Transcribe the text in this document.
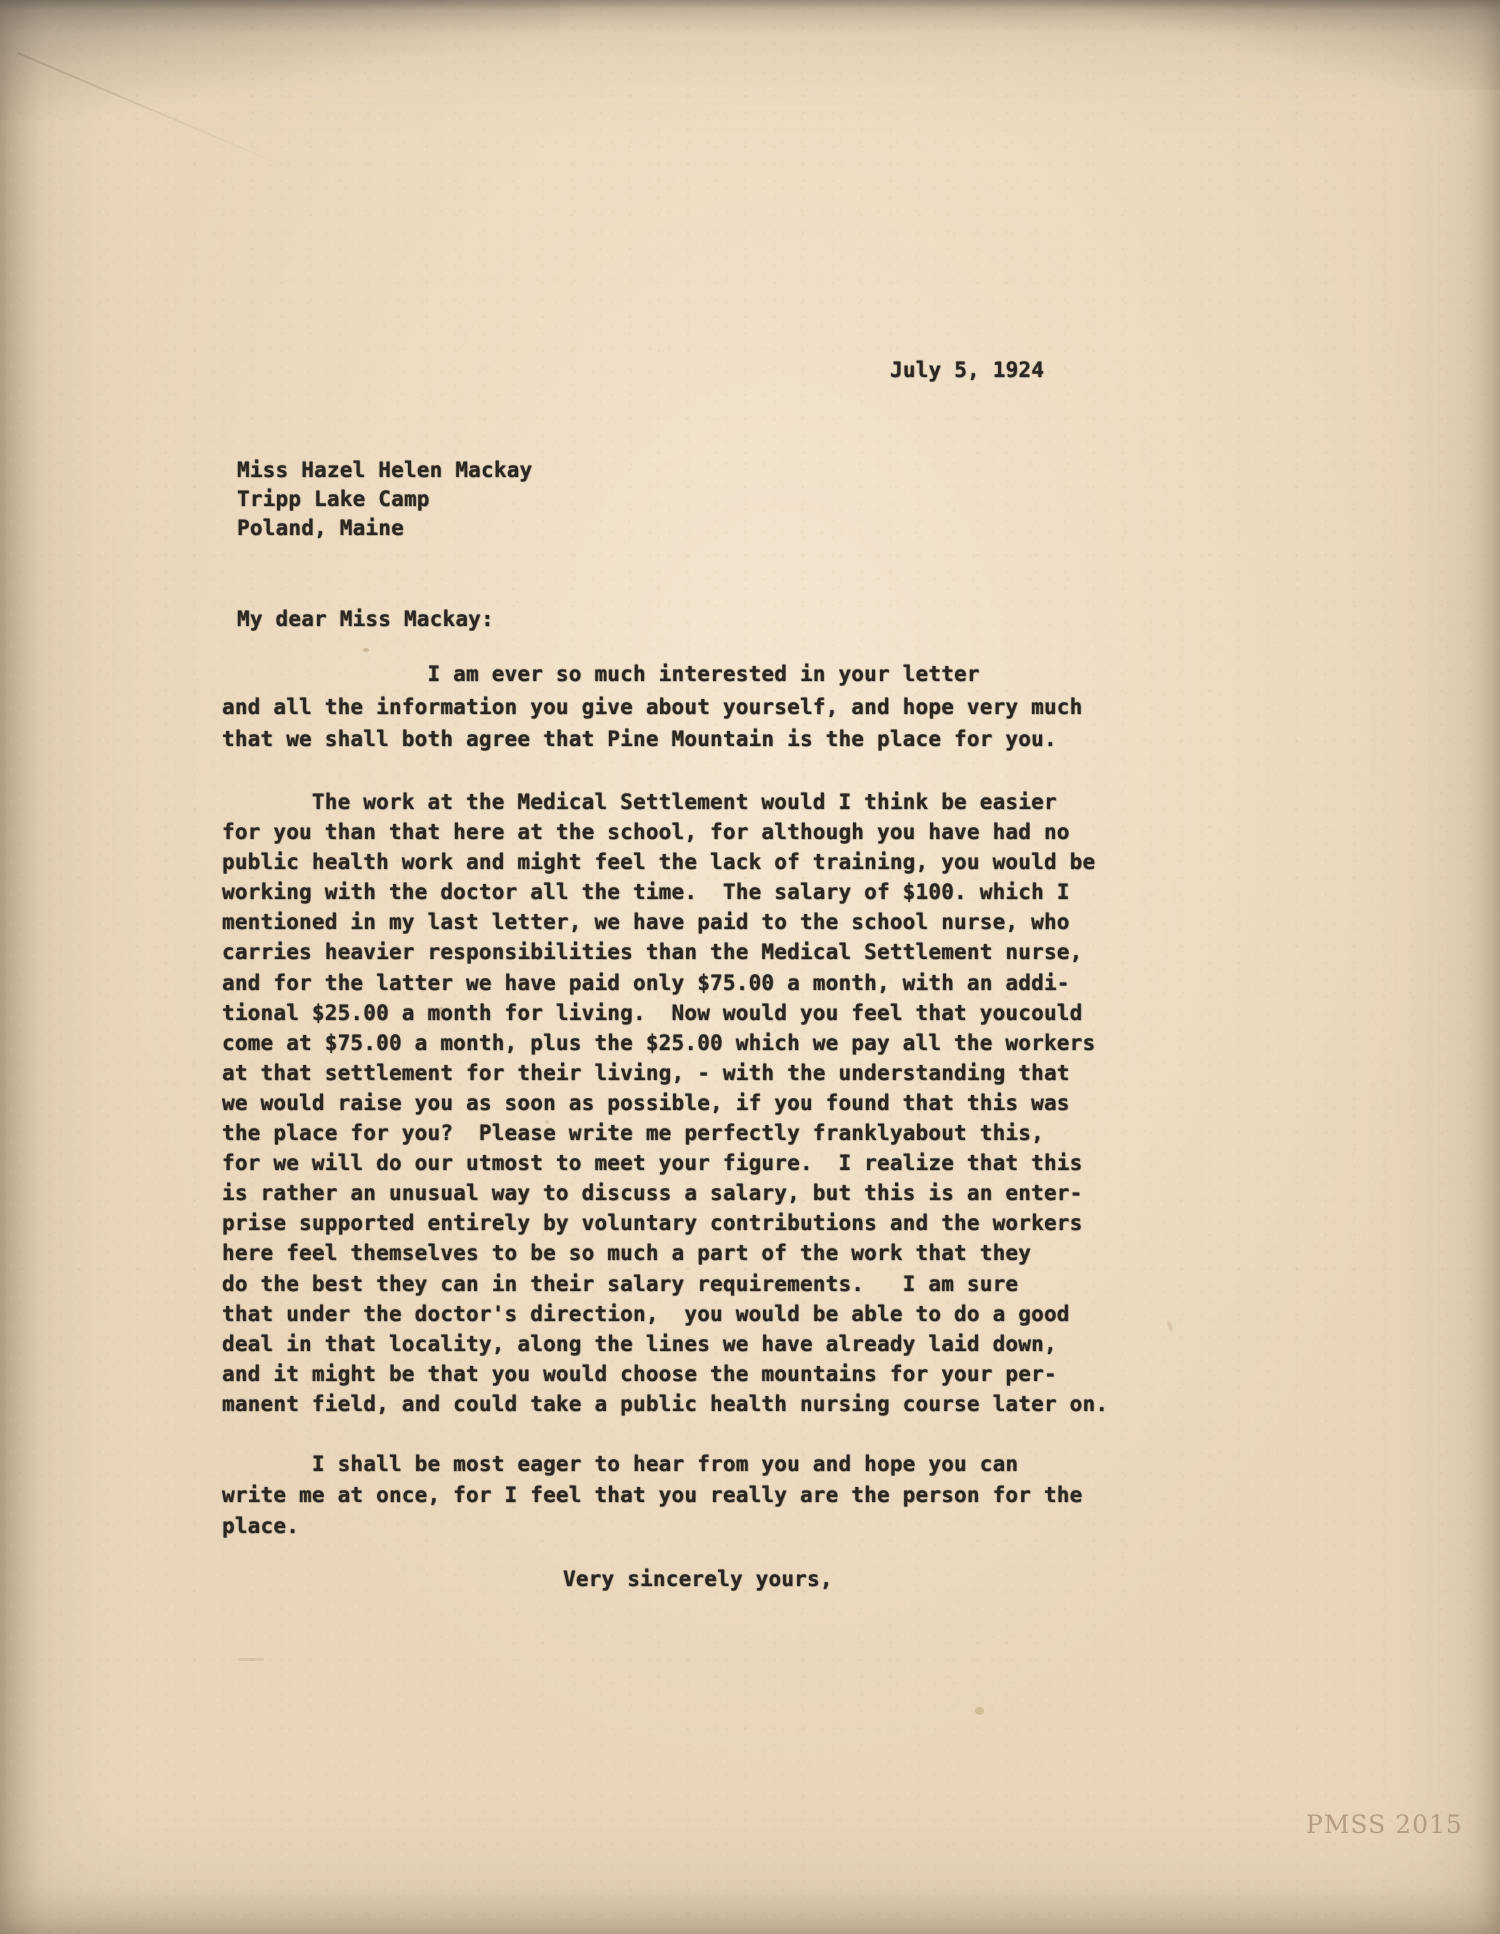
July 5, 1924
Miss Hazel Helen Mackay
Tripp Lake Camp
Poland, Maine
My dear Miss Mackay:
I am ever so much interested in your letter
and all the information you give about yourself, and hope very much
that we shall both agree that Pine Mountain is the place for you.
The work at the Medical Settlement would I think be easier
for you than that here at the school, for although you have had no
public health work and might feel the lack of training, you would be
working with the doctor all the time.  The salary of $100. which I
mentioned in my last letter, we have paid to the school nurse, who
carries heavier responsibilities than the Medical Settlement nurse,
and for the latter we have paid only $75.00 a month, with an addi-
tional $25.00 a month for living.  Now would you feel that youcould
come at $75.00 a month, plus the $25.00 which we pay all the workers
at that settlement for their living, - with the understanding that
we would raise you as soon as possible, if you found that this was
the place for you?  Please write me perfectly franklyabout this,
for we will do our utmost to meet your figure.  I realize that this
is rather an unusual way to discuss a salary, but this is an enter-
prise supported entirely by voluntary contributions and the workers
here feel themselves to be so much a part of the work that they
do the best they can in their salary requirements.   I am sure
that under the doctor's direction,  you would be able to do a good
deal in that locality, along the lines we have already laid down,
and it might be that you would choose the mountains for your per-
manent field, and could take a public health nursing course later on.
I shall be most eager to hear from you and hope you can
write me at once, for I feel that you really are the person for the
place.
Very sincerely yours,
PMSS 2015
